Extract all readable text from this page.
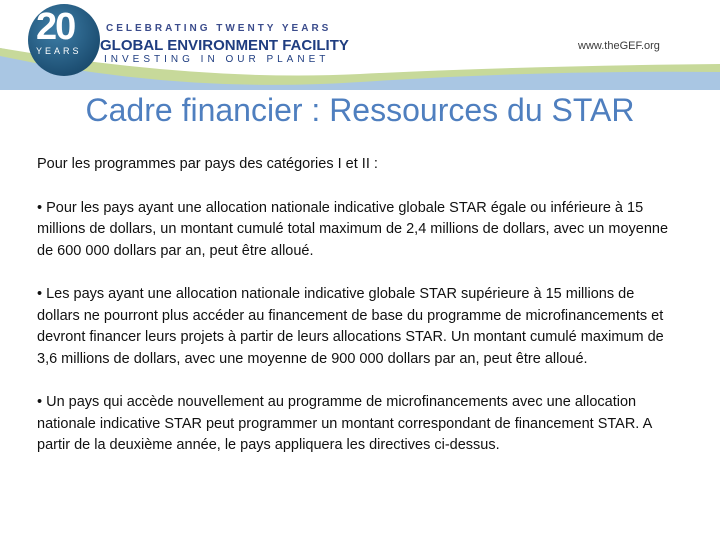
20
YEARS
CELEBRATING TWENTY YEARS
GLOBAL ENVIRONMENT FACILITY
INVESTING IN OUR PLANET
www.theGEF.org
Cadre financier : Ressources du STAR

Pour les programmes par pays des catégories I et II :

• Pour les pays ayant une allocation nationale indicative globale STAR égale ou inférieure à 15 millions de dollars, un montant cumulé total maximum de 2,4 millions de dollars, avec un moyenne de 600 000 dollars par an, peut être alloué.

• Les pays ayant une allocation nationale indicative globale STAR supérieure à 15 millions de dollars ne pourront plus accéder au financement de base du programme de microfinancements et devront financer leurs projets à partir de leurs allocations STAR. Un montant cumulé maximum de 3,6 millions de dollars, avec une moyenne de 900 000 dollars par an, peut être alloué.

• Un pays qui accède nouvellement au programme de microfinancements avec une allocation nationale indicative STAR peut programmer un montant correspondant de financement STAR. A partir de la deuxième année, le pays appliquera les directives ci-dessus.
